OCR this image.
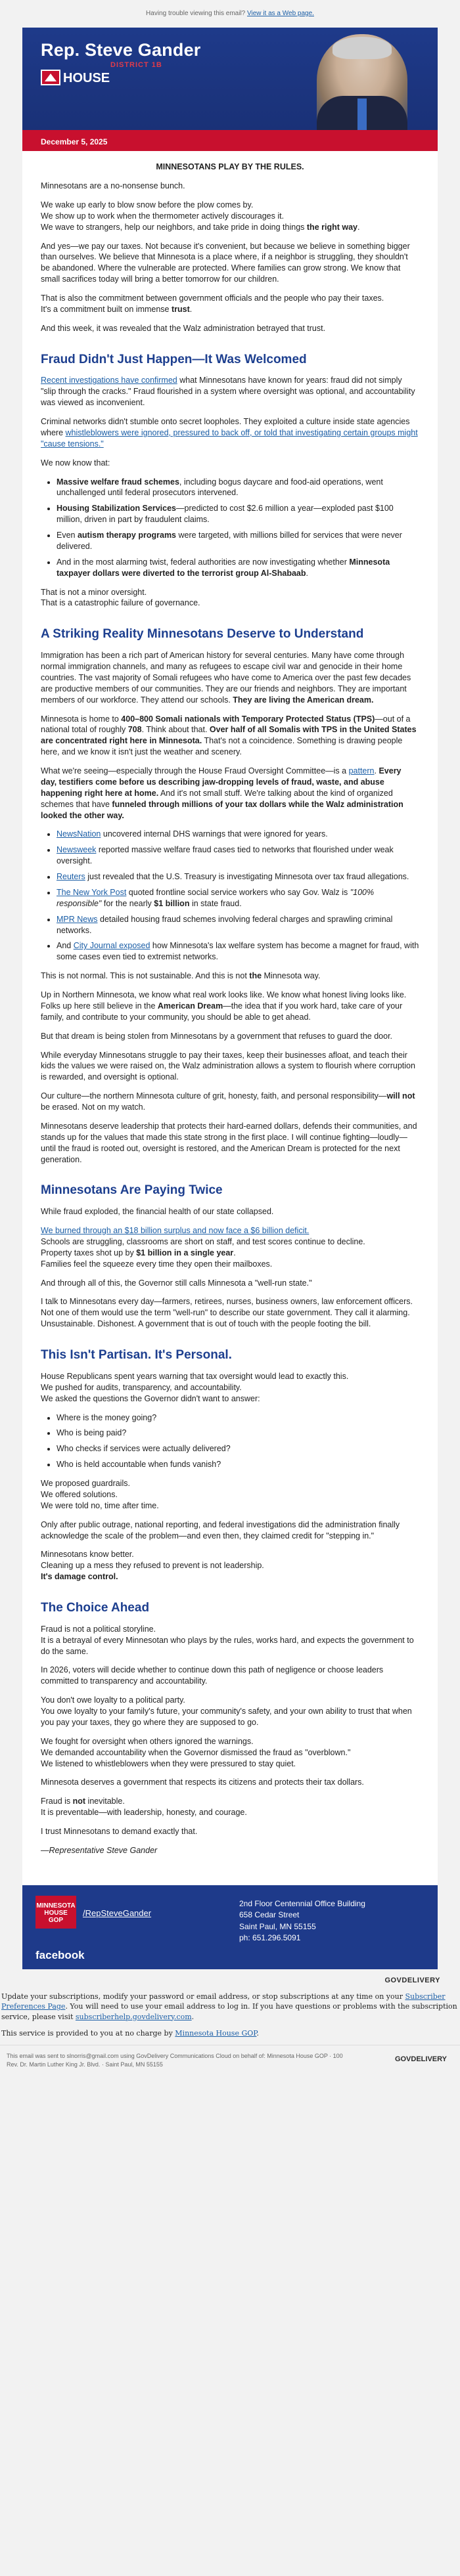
Having trouble viewing this email? View it as a Web page.
Rep. Steve Gander
DISTRICT 1B
HOUSE
December 5, 2025

MINNESOTANS PLAY BY THE RULES.

Minnesotans are a no-nonsense bunch.

We wake up early to blow snow before the plow comes by.
We show up to work when the thermometer actively discourages it.
We wave to strangers, help our neighbors, and take pride in doing things the right way.

And yes—we pay our taxes. Not because it's convenient, but because we believe in something bigger than ourselves. We believe that Minnesota is a place where, if a neighbor is struggling, they shouldn't be abandoned. Where the vulnerable are protected. Where families can grow strong. We know that small sacrifices today will bring a better tomorrow for our children.

That is also the commitment between government officials and the people who pay their taxes.
It's a commitment built on immense trust.

And this week, it was revealed that the Walz administration betrayed that trust.

Fraud Didn't Just Happen—It Was Welcomed

Recent investigations have confirmed what Minnesotans have known for years: fraud did not simply "slip through the cracks." Fraud flourished in a system where oversight was optional, and accountability was viewed as inconvenient.

Criminal networks didn't stumble onto secret loopholes. They exploited a culture inside state agencies where whistleblowers were ignored, pressured to back off, or told that investigating certain groups might "cause tensions."

We now know that:

• Massive welfare fraud schemes, including bogus daycare and food-aid operations, went unchallenged until federal prosecutors intervened.
• Housing Stabilization Services—predicted to cost $2.6 million a year—exploded past $100 million, driven in part by fraudulent claims.
• Even autism therapy programs were targeted, with millions billed for services that were never delivered.
• And in the most alarming twist, federal authorities are now investigating whether Minnesota taxpayer dollars were diverted to the terrorist group Al-Shabaab.

That is not a minor oversight.
That is a catastrophic failure of governance.

A Striking Reality Minnesotans Deserve to Understand

Immigration has been a rich part of American history for several centuries. Many have come through normal immigration channels, and many as refugees to escape civil war and genocide in their home countries. The vast majority of Somali refugees who have come to America over the past few decades are productive members of our communities. They are our friends and neighbors. They are important members of our workforce. They attend our schools. They are living the American dream.

Minnesota is home to 400–800 Somali nationals with Temporary Protected Status (TPS)—out of a national total of roughly 708. Think about that. Over half of all Somalis with TPS in the United States are concentrated right here in Minnesota. That's not a coincidence. Something is drawing people here, and we know it isn't just the weather and scenery.

What we're seeing—especially through the House Fraud Oversight Committee—is a pattern. Every day, testifiers come before us describing jaw-dropping levels of fraud, waste, and abuse happening right here at home. And it's not small stuff. We're talking about the kind of organized schemes that have funneled through millions of your tax dollars while the Walz administration looked the other way.

• NewsNation uncovered internal DHS warnings that were ignored for years.
• Newsweek reported massive welfare fraud cases tied to networks that flourished under weak oversight.
• Reuters just revealed that the U.S. Treasury is investigating Minnesota over tax fraud allegations.
• The New York Post quoted frontline social service workers who say Gov. Walz is "100% responsible" for the nearly $1 billion in state fraud.
• MPR News detailed housing fraud schemes involving federal charges and sprawling criminal networks.
• And City Journal exposed how Minnesota's lax welfare system has become a magnet for fraud, with some cases even tied to extremist networks.

This is not normal. This is not sustainable. And this is not the Minnesota way.

Up in Northern Minnesota, we know what real work looks like. We know what honest living looks like. Folks up here still believe in the American Dream—the idea that if you work hard, take care of your family, and contribute to your community, you should be able to get ahead.

But that dream is being stolen from Minnesotans by a government that refuses to guard the door.

While everyday Minnesotans struggle to pay their taxes, keep their businesses afloat, and teach their kids the values we were raised on, the Walz administration allows a system to flourish where corruption is rewarded, and oversight is optional.

Our culture—the northern Minnesota culture of grit, honesty, faith, and personal responsibility—will not be erased. Not on my watch.

Minnesotans deserve leadership that protects their hard-earned dollars, defends their communities, and stands up for the values that made this state strong in the first place. I will continue fighting—loudly—until the fraud is rooted out, oversight is restored, and the American Dream is protected for the next generation.

Minnesotans Are Paying Twice

While fraud exploded, the financial health of our state collapsed.

We burned through an $18 billion surplus and now face a $6 billion deficit.
Schools are struggling, classrooms are short on staff, and test scores continue to decline.
Property taxes shot up by $1 billion in a single year.
Families feel the squeeze every time they open their mailboxes.

And through all of this, the Governor still calls Minnesota a "well-run state."

I talk to Minnesotans every day—farmers, retirees, nurses, business owners, law enforcement officers. Not one of them would use the term "well-run" to describe our state government. They call it alarming. Unsustainable. Dishonest. A government that is out of touch with the people footing the bill.

This Isn't Partisan. It's Personal.

House Republicans spent years warning that tax oversight would lead to exactly this.
We pushed for audits, transparency, and accountability.
We asked the questions the Governor didn't want to answer:

• Where is the money going?
• Who is being paid?
• Who checks if services were actually delivered?
• Who is held accountable when funds vanish?

We proposed guardrails.
We offered solutions.
We were told no, time after time.

Only after public outrage, national reporting, and federal investigations did the administration finally acknowledge the scale of the problem—and even then, they claimed credit for "stepping in."

Minnesotans know better.
Cleaning up a mess they refused to prevent is not leadership.
It's damage control.

The Choice Ahead

Fraud is not a political storyline.
It is a betrayal of every Minnesotan who plays by the rules, works hard, and expects the government to do the same.

In 2026, voters will decide whether to continue down this path of negligence or choose leaders committed to transparency and accountability.

You don't owe loyalty to a political party.
You owe loyalty to your family's future, your community's safety, and your own ability to trust that when you pay your taxes, they go where they are supposed to go.

We fought for oversight when others ignored the warnings.
We demanded accountability when the Governor dismissed the fraud as "overblown."
We listened to whistleblowers when they were pressured to stay quiet.

Minnesota deserves a government that respects its citizens and protects their tax dollars.

Fraud is not inevitable.
It is preventable—with leadership, honesty, and courage.

I trust Minnesotans to demand exactly that.

—Representative Steve Gander

MINNESOTA
HOUSE
GOP
/RepSteveGander
facebook
2nd Floor Centennial Office Building
658 Cedar Street
Saint Paul, MN 55155
ph: 651.296.5091
GOVDELIVERY

Update your subscriptions, modify your password or email address, or stop subscriptions at any time on your Subscriber Preferences Page. You will need to use your email address to log in. If you have questions or problems with the subscription service, please visit subscriberhelp.govdelivery.com.

This service is provided to you at no charge by Minnesota House GOP.

This email was sent to slnorris@gmail.com using GovDelivery Communications Cloud on behalf of: Minnesota House GOP · 100
Rev. Dr. Martin Luther King Jr. Blvd. · Saint Paul, MN 55155
GOVDELIVERY
